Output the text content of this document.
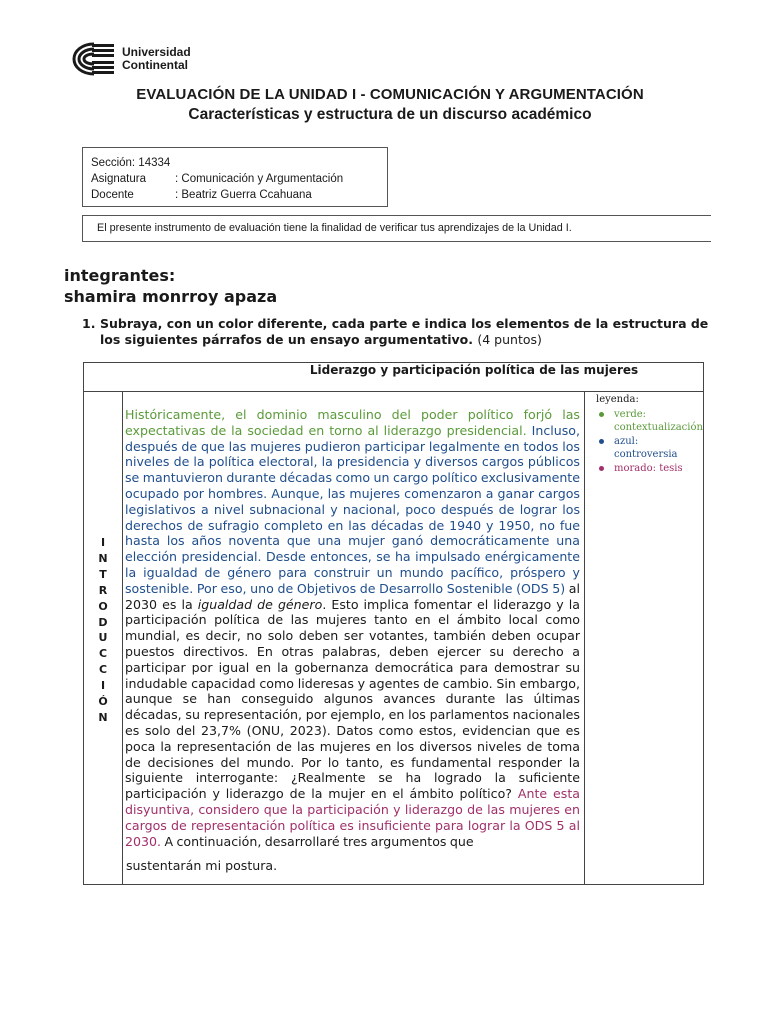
Universidad
Continental
EVALUACIÓN DE LA UNIDAD I - COMUNICACIÓN Y ARGUMENTACIÓN
Características y estructura de un discurso académico
Sección: 14334
Asignatura	: Comunicación y Argumentación
Docente	: Beatriz Guerra Ccahuana
El presente instrumento de evaluación tiene la finalidad de verificar tus aprendizajes de la Unidad I.
integrantes:
shamira monrroy apaza
1. Subraya, con un color diferente, cada parte e indica los elementos de la estructura de los siguientes párrafos de un ensayo argumentativo. (4 puntos)
Liderazgo y participación política de las mujeres
I
N
T
R
O
D
U
C
C
I
Ó
N
Históricamente, el dominio masculino del poder político forjó las expectativas de la sociedad en torno al liderazgo presidencial. Incluso, después de que las mujeres pudieron participar legalmente en todos los niveles de la política electoral, la presidencia y diversos cargos públicos se mantuvieron durante décadas como un cargo político exclusivamente ocupado por hombres. Aunque, las mujeres comenzaron a ganar cargos legislativos a nivel subnacional y nacional, poco después de lograr los derechos de sufragio completo en las décadas de 1940 y 1950, no fue hasta los años noventa que una mujer ganó democráticamente una elección presidencial. Desde entonces, se ha impulsado enérgicamente la igualdad de género para construir un mundo pacífico, próspero y sostenible. Por eso, uno de Objetivos de Desarrollo Sostenible (ODS 5) al 2030 es la igualdad de género. Esto implica fomentar el liderazgo y la participación política de las mujeres tanto en el ámbito local como mundial, es decir, no solo deben ser votantes, también deben ocupar puestos directivos. En otras palabras, deben ejercer su derecho a participar por igual en la gobernanza democrática para demostrar su indudable capacidad como lideresas y agentes de cambio. Sin embargo, aunque se han conseguido algunos avances durante las últimas décadas, su representación, por ejemplo, en los parlamentos nacionales es solo del 23,7% (ONU, 2023). Datos como estos, evidencian que es poca la representación de las mujeres en los diversos niveles de toma de decisiones del mundo. Por lo tanto, es fundamental responder la siguiente interrogante: ¿Realmente se ha logrado la suficiente participación y liderazgo de la mujer en el ámbito político? Ante esta disyuntiva, considero que la participación y liderazgo de las mujeres en cargos de representación política es insuficiente para lograr la ODS 5 al 2030. A continuación, desarrollaré tres argumentos que
sustentarán mi postura.
leyenda:
verde: contextualización
azul: controversia
morado: tesis
